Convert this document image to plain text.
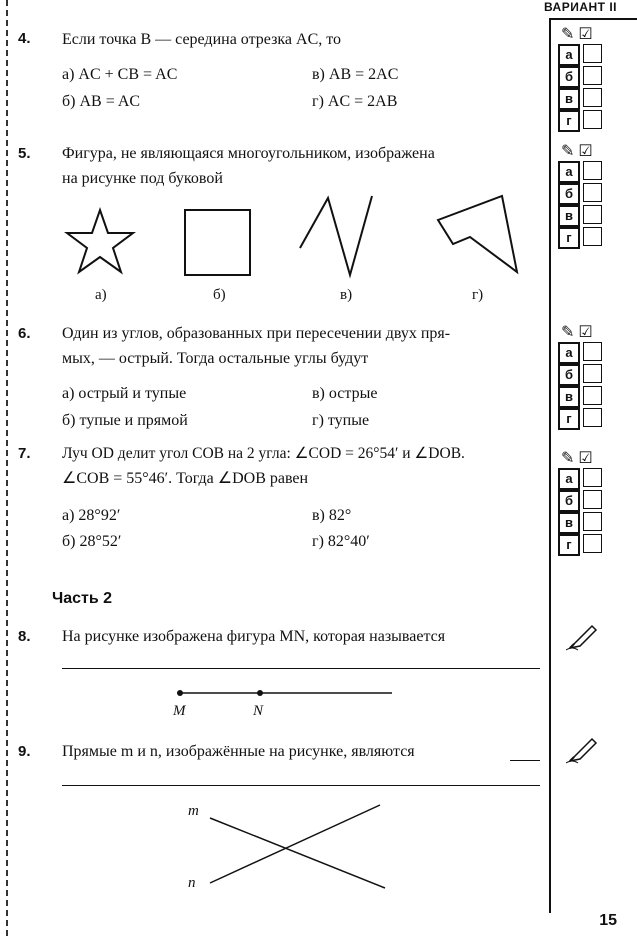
ВАРИАНТ II
4. Если точка B — середина отрезка AC, то
а) AC + CB = AC
б) AB = AC
в) AB = 2AC
г) AC = 2AB
5. Фигура, не являющаяся многоугольником, изображена
на рисунке под буковой
а)	б)	в)	г)
6. Один из углов, образованных при пересечении двух пря-
мых, — острый. Тогда остальные углы будут
а) острый и тупые
б) тупые и прямой
в) острые
г) тупые
7. Луч OD делит угол COB на 2 угла: ∠COD = 26°54′ и ∠DOB.
∠COB = 55°46′. Тогда ∠DOB равен
а) 28°92′
б) 28°52′
в) 82°
г) 82°40′
Часть 2
8. На рисунке изображена фигура MN, которая называется
M	N
9. Прямые m и n, изображённые на рисунке, являются
m
n
✎ ☑
а
б
в
г
✎ ☑
а
б
в
г
✎ ☑
а
б
в
г
✎ ☑
а
б
в
г
15
